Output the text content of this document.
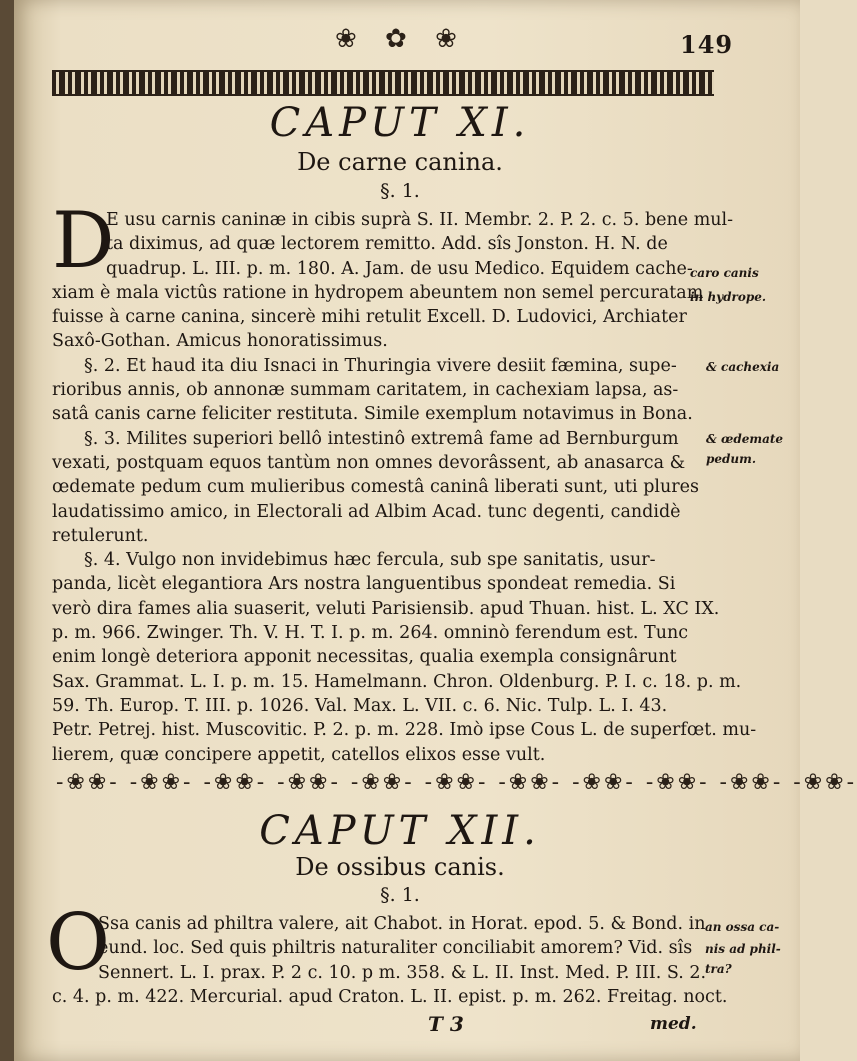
❀ ✿ ❀	149
CAPUT XI.
De carne canina.
§. 1.
D
E usu carnis caninæ in cibis suprà S. II. Membr. 2. P. 2. c. 5. bene mul-
ta diximus, ad quæ lectorem remitto. Add. sîs Jonston. H. N. de
quadrup. L. III. p. m. 180. A. Jam. de usu Medico. Equidem cache-
xiam è mala victûs ratione in hydropem abeuntem non semel percuratam
fuisse à carne canina, sincerè mihi retulit Excell. D. Ludovici, Archiater
Saxô-Gothan. Amicus honoratissimus.
§. 2. Et haud ita diu Isnaci in Thuringia vivere desiit fæmina, supe-
rioribus annis, ob annonæ summam caritatem, in cachexiam lapsa, as-
satâ canis carne feliciter restituta. Simile exemplum notavimus in Bona.
§. 3. Milites superiori bellô intestinô extremâ fame ad Bernburgum
vexati, postquam equos tantùm non omnes devorâssent, ab anasarca &
œdemate pedum cum mulieribus comestâ caninâ liberati sunt, uti plures
laudatissimo amico, in Electorali ad Albim Acad. tunc degenti, candidè
retulerunt.
§. 4. Vulgo non invidebimus hæc fercula, sub spe sanitatis, usur-
panda, licèt elegantiora Ars nostra languentibus spondeat remedia. Si
verò dira fames alia suaserit, veluti Parisiensib. apud Thuan. hist. L. XC IX.
p. m. 966. Zwinger. Th. V. H. T. I. p. m. 264. omninò ferendum est. Tunc
enim longè deteriora apponit necessitas, qualia exempla consignârunt
Sax. Grammat. L. I. p. m. 15. Hamelmann. Chron. Oldenburg. P. I. c. 18. p. m.
59. Th. Europ. T. III. p. 1026. Val. Max. L. VII. c. 6. Nic. Tulp. L. I. 43.
Petr. Petrej. hist. Muscovitic. P. 2. p. m. 228. Imò ipse Cous L. de superfœt. mu-
lierem, quæ concipere appetit, catellos elixos esse vult.
caro canis
in hydrope.
& cachexia
& œdemate
pedum.
-❀❀- -❀❀- -❀❀- -❀❀- -❀❀- -❀❀- -❀❀- -❀❀- -❀❀- -❀❀- -❀❀-
CAPUT XII.
De ossibus canis.
§. 1.
O
Ssa canis ad philtra valere, ait Chabot. in Horat. epod. 5. & Bond. in
eund. loc. Sed quis philtris naturaliter conciliabit amorem? Vid. sîs
Sennert. L. I. prax. P. 2 c. 10. p m. 358. & L. II. Inst. Med. P. III. S. 2.
c. 4. p. m. 422. Mercurial. apud Craton. L. II. epist. p. m. 262. Freitag. noct.
an ossa ca-
nis ad phil-
tra?
T 3	med.
